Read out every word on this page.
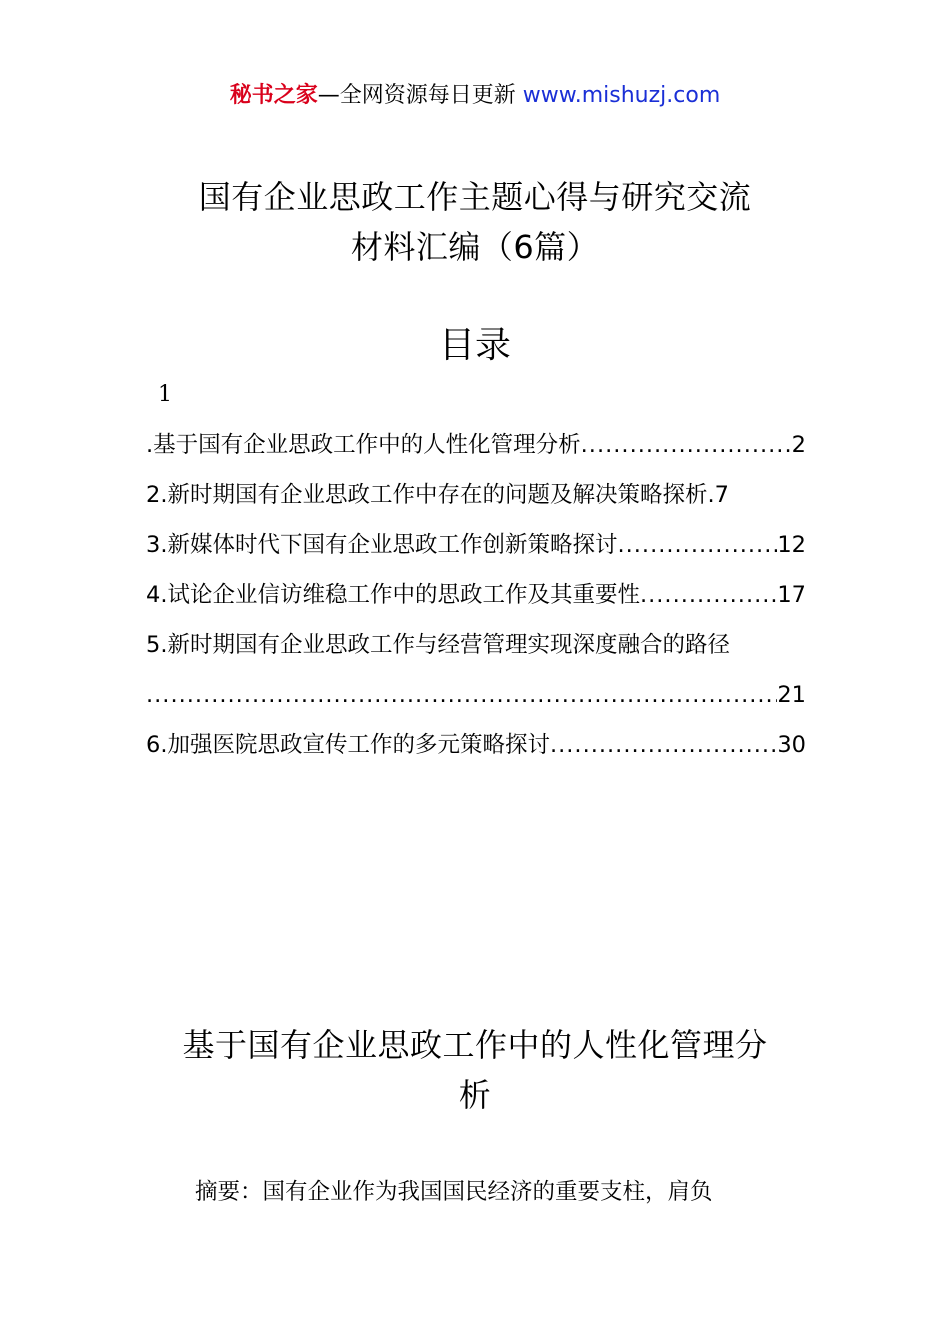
秘书之家—全网资源每日更新 www.mishuzj.com
国有企业思政工作主题心得与研究交流
材料汇编（6篇）
目录
1
.基于国有企业思政工作中的人性化管理分析 .....	2
2.新时期国有企业思政工作中存在的问题及解决策略探析 .7
3.新媒体时代下国有企业思政工作创新策略探讨 .....	12
4.试论企业信访维稳工作中的思政工作及其重要性 .....	17
5.新时期国有企业思政工作与经营管理实现深度融合的路径
.....
21
6.加强医院思政宣传工作的多元策略探讨 .....	30
基于国有企业思政工作中的人性化管理分
析
摘要：国有企业作为我国国民经济的重要支柱，肩负
